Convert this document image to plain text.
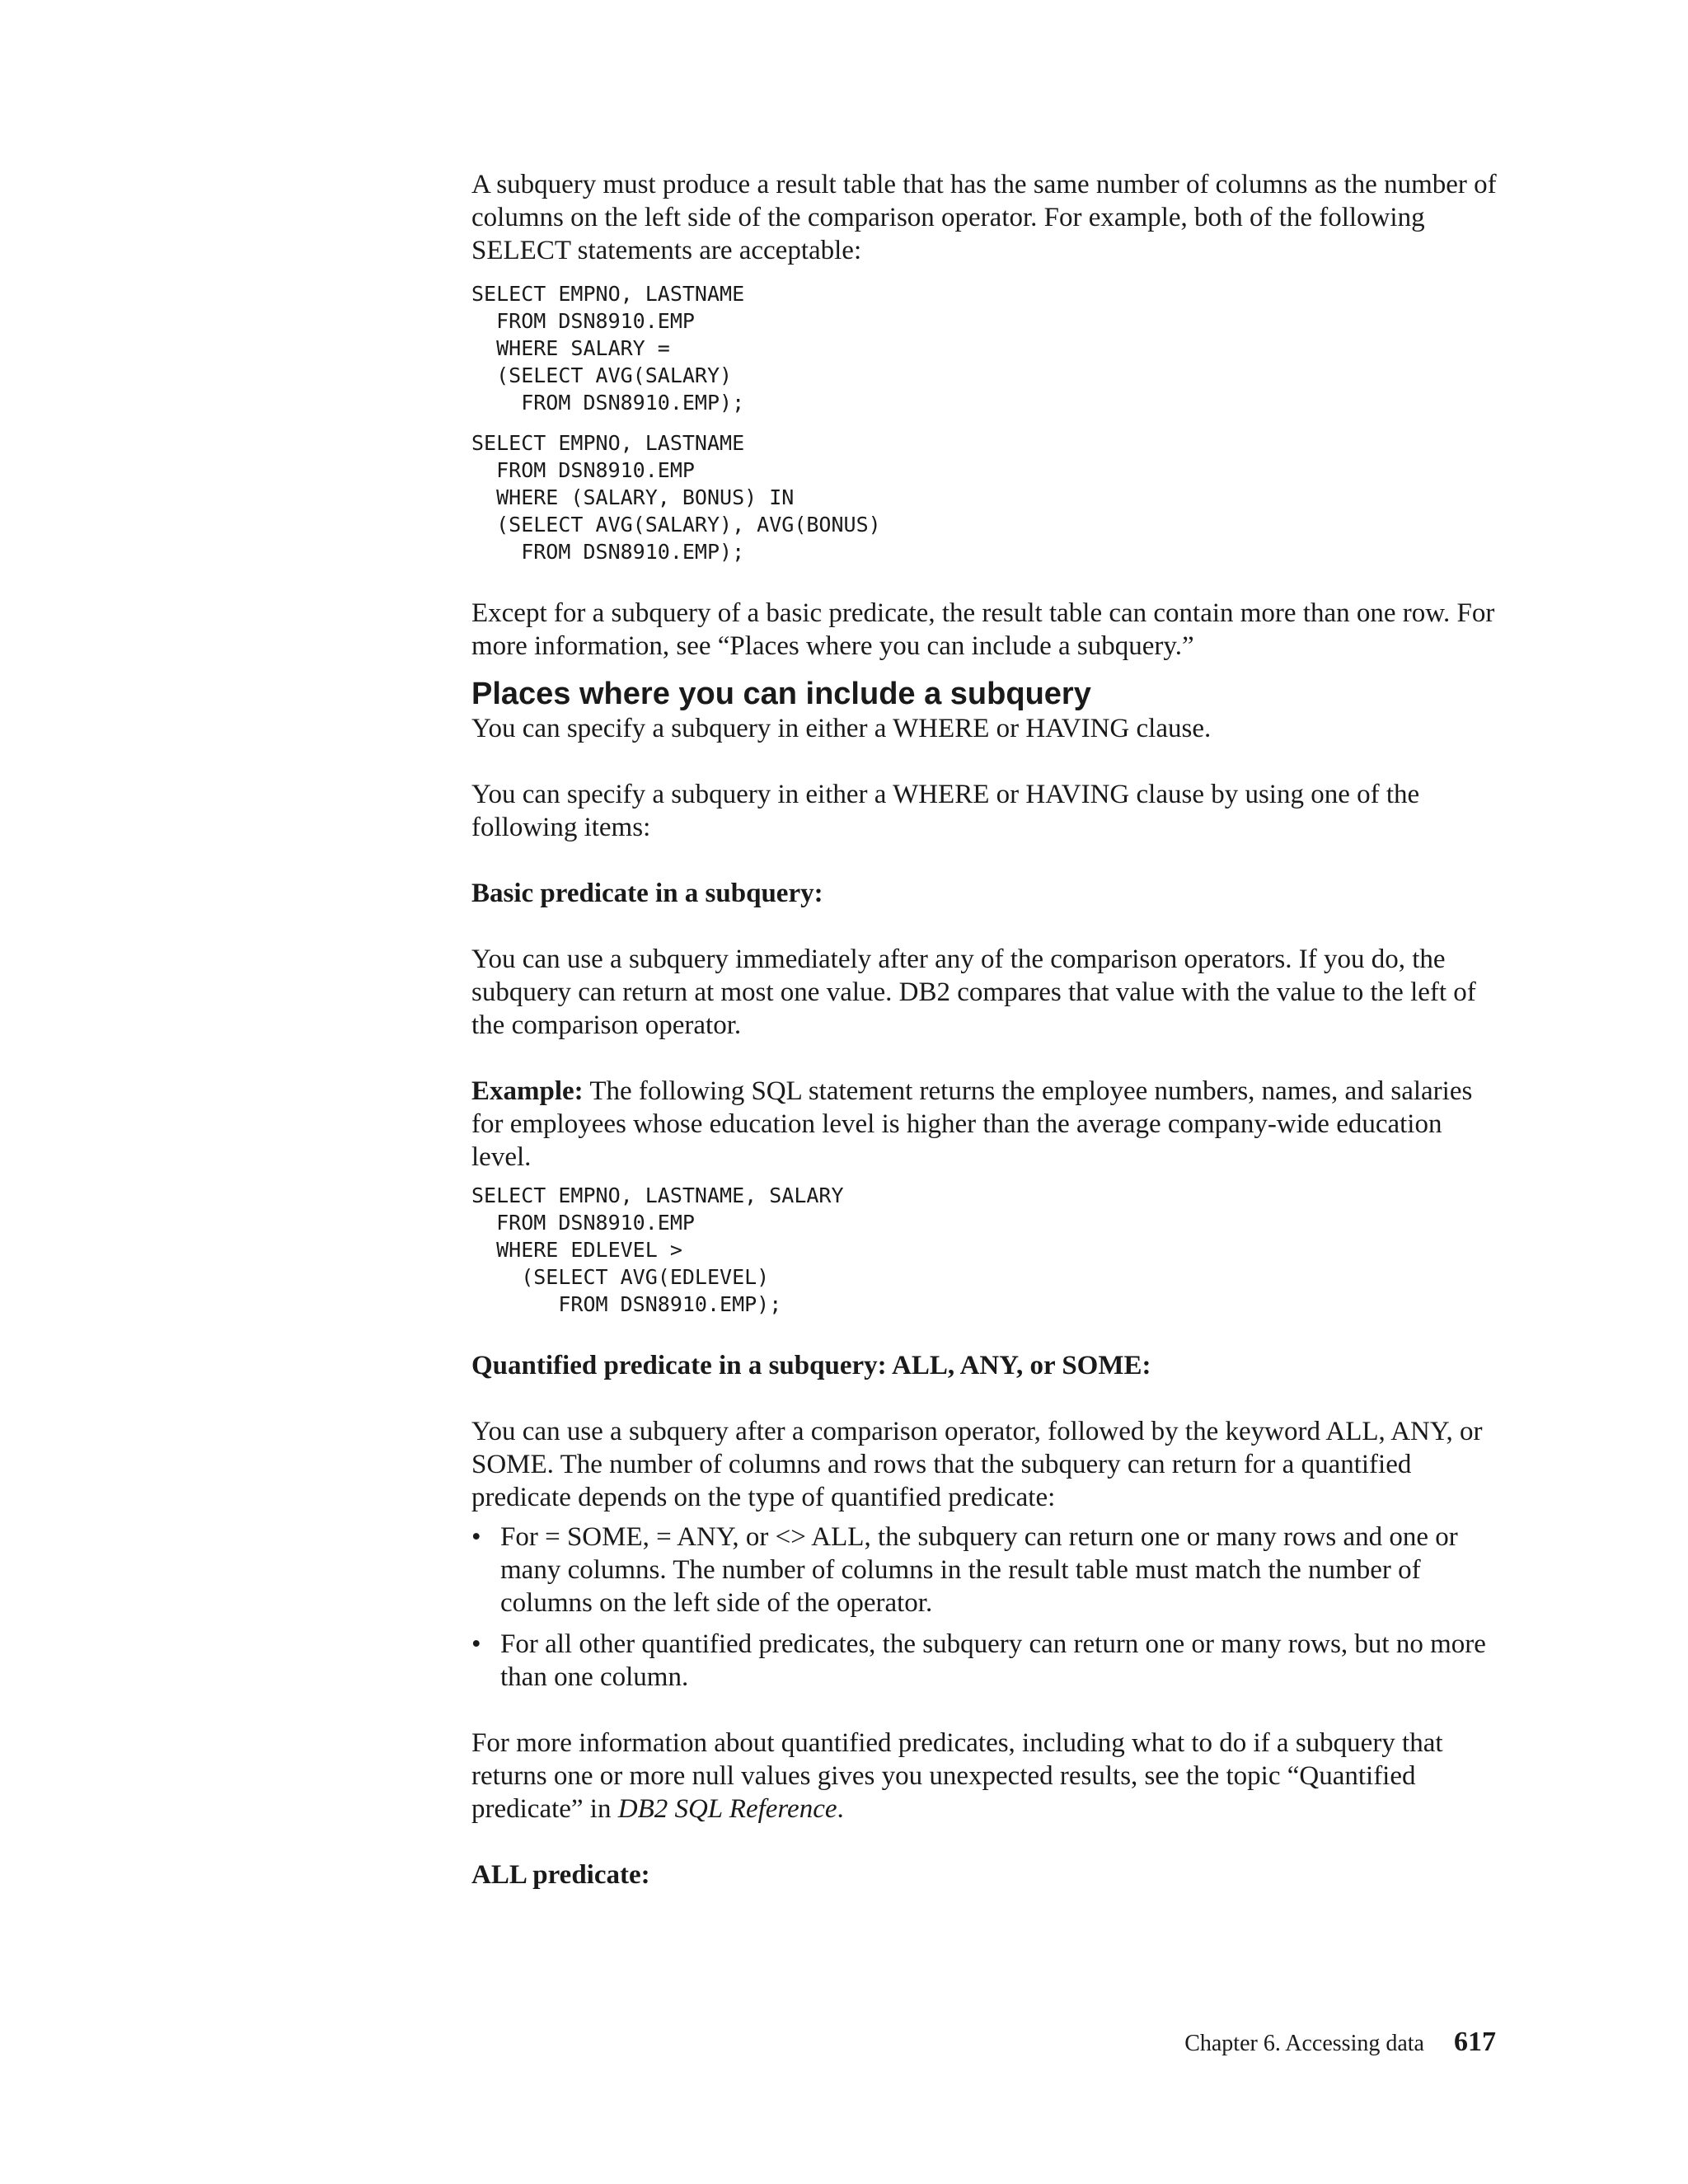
A subquery must produce a result table that has the same number of columns as the number of columns on the left side of the comparison operator. For example, both of the following SELECT statements are acceptable:

SELECT EMPNO, LASTNAME
FROM DSN8910.EMP
WHERE SALARY =
(SELECT AVG(SALARY)
FROM DSN8910.EMP);
SELECT EMPNO, LASTNAME
FROM DSN8910.EMP
WHERE (SALARY, BONUS) IN
(SELECT AVG(SALARY), AVG(BONUS)
FROM DSN8910.EMP);

Except for a subquery of a basic predicate, the result table can contain more than one row. For more information, see “Places where you can include a subquery.”

Places where you can include a subquery

You can specify a subquery in either a WHERE or HAVING clause.

You can specify a subquery in either a WHERE or HAVING clause by using one of the following items:

Basic predicate in a subquery:

You can use a subquery immediately after any of the comparison operators. If you do, the subquery can return at most one value. DB2 compares that value with the value to the left of the comparison operator.

Example: The following SQL statement returns the employee numbers, names, and salaries for employees whose education level is higher than the average company-wide education level.

SELECT EMPNO, LASTNAME, SALARY
FROM DSN8910.EMP
WHERE EDLEVEL >
(SELECT AVG(EDLEVEL)
FROM DSN8910.EMP);

Quantified predicate in a subquery: ALL, ANY, or SOME:

You can use a subquery after a comparison operator, followed by the keyword ALL, ANY, or SOME. The number of columns and rows that the subquery can return for a quantified predicate depends on the type of quantified predicate:

• For = SOME, = ANY, or <> ALL, the subquery can return one or many rows and one or many columns. The number of columns in the result table must match the number of columns on the left side of the operator.
• For all other quantified predicates, the subquery can return one or many rows, but no more than one column.

For more information about quantified predicates, including what to do if a subquery that returns one or more null values gives you unexpected results, see the topic “Quantified predicate” in DB2 SQL Reference.

ALL predicate:

Chapter 6. Accessing data 617
